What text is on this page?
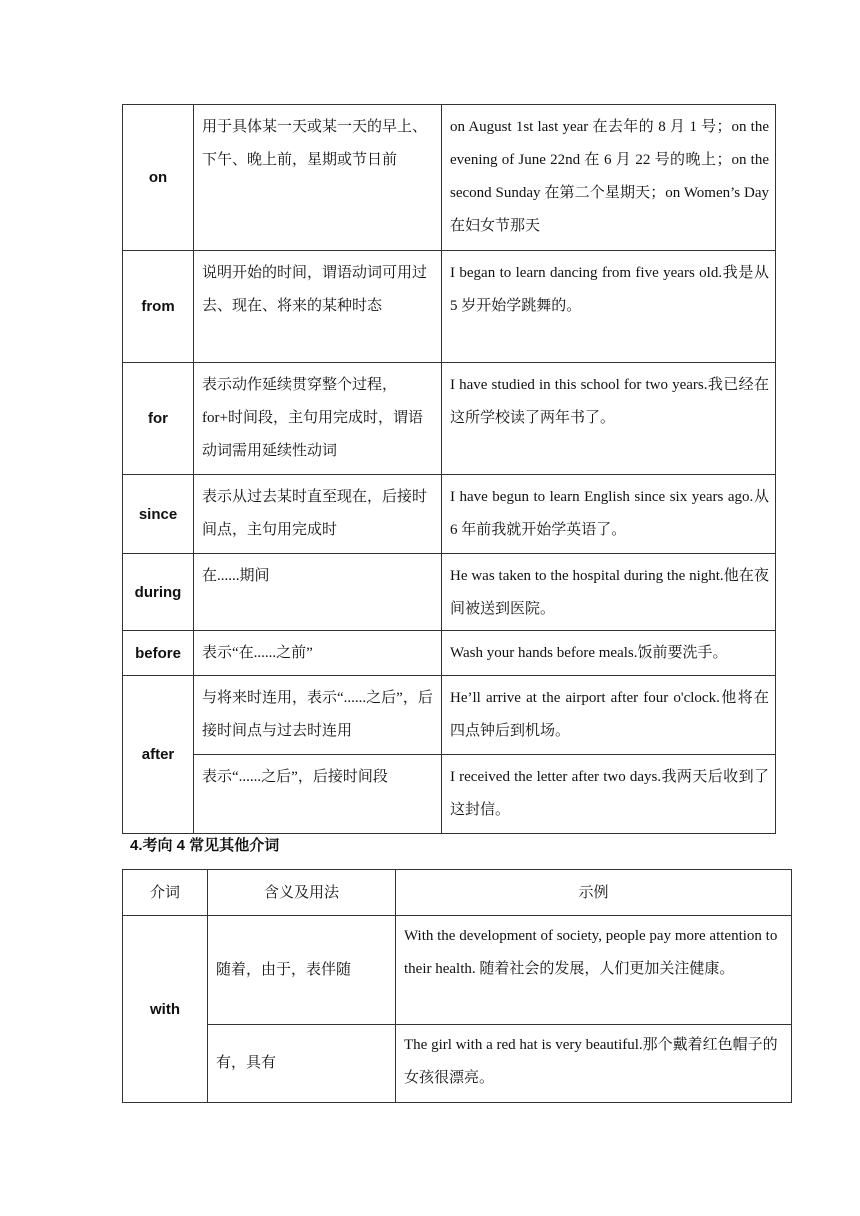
on	用于具体某一天或某一天的早上、下午、晚上前，星期或节日前	on August 1st last year 在去年的 8 月 1 号；on the evening of June 22nd 在 6 月 22 号的晚上；on the second Sunday 在第二个星期天；on Women’s Day 在妇女节那天
from	说明开始的时间，谓语动词可用过去、现在、将来的某种时态	I began to learn dancing from five years old.我是从 5 岁开始学跳舞的。
for	表示动作延续贯穿整个过程，for+时间段，主句用完成时，谓语动词需用延续性动词	I have studied in this school for two years.我已经在这所学校读了两年书了。
since	表示从过去某时直至现在，后接时间点，主句用完成时	I have begun to learn English since six years ago.从 6 年前我就开始学英语了。
during	在......期间	He was taken to the hospital during the night.他在夜间被送到医院。
before	表示“在......之前”	Wash your hands before meals.饭前要洗手。
after	与将来时连用，表示“......之后”，后接时间点与过去时连用	He’ll arrive at the airport after four o'clock.他将在四点钟后到机场。
	表示“......之后”，后接时间段	I received the letter after two days.我两天后收到了这封信。
4.考向 4 常见其他介词
介词	含义及用法	示例
with	随着，由于，表伴随	With the development of society, people pay more attention to their health. 随着社会的发展，人们更加关注健康。
	有，具有	The girl with a red hat is very beautiful.那个戴着红色帽子的女孩很漂亮。
